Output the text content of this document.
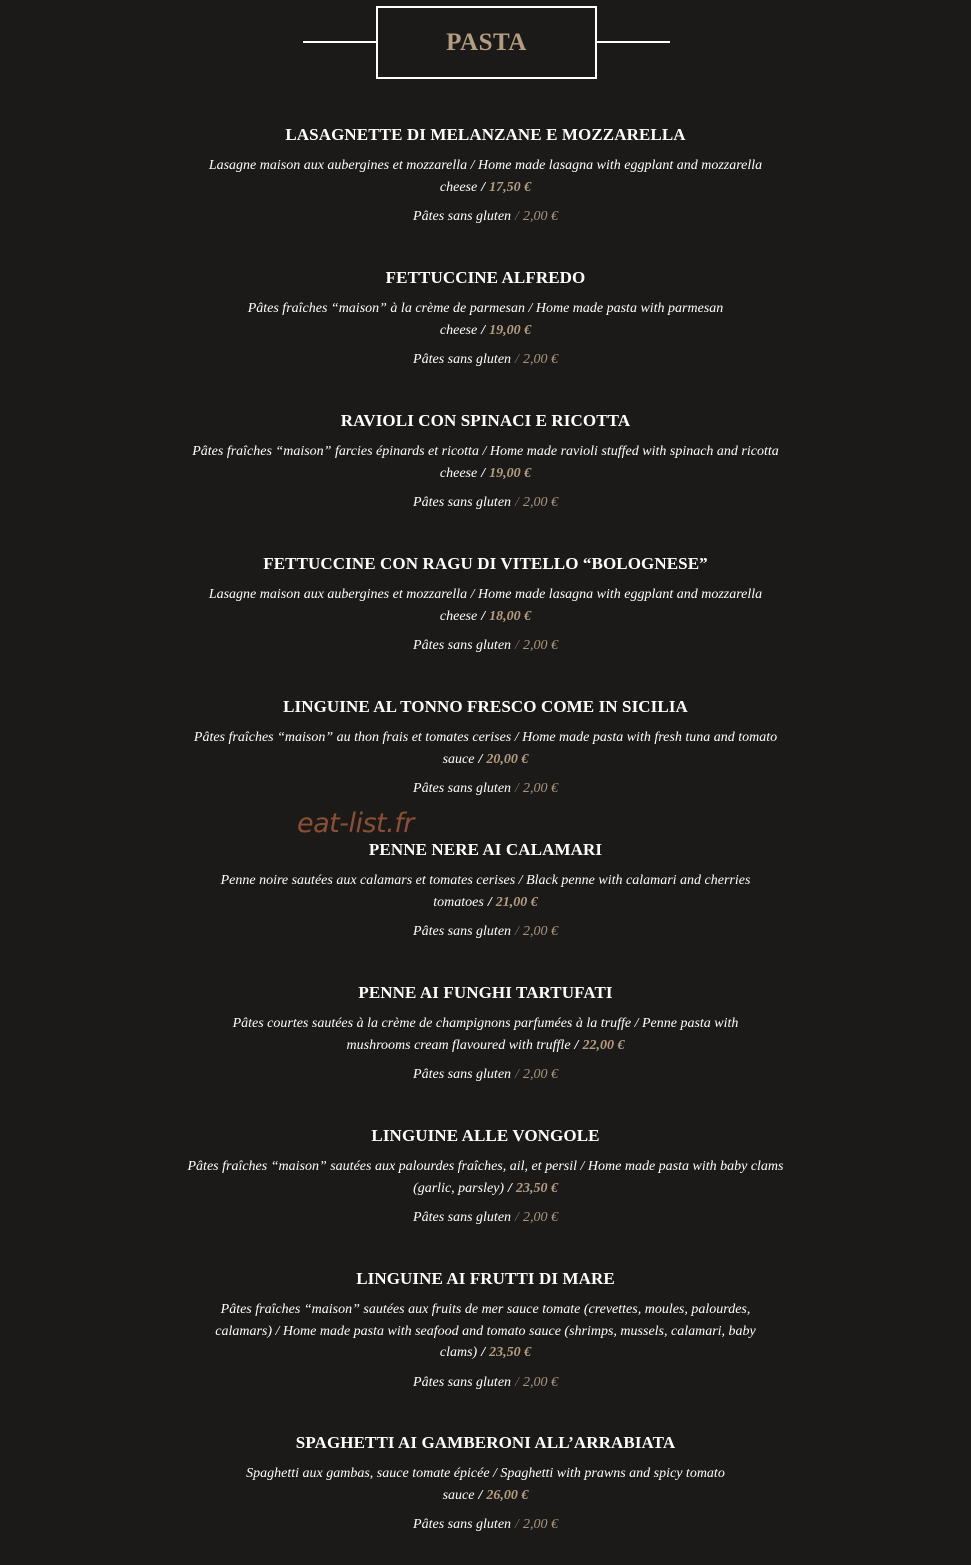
PASTA
LASAGNETTE DI MELANZANE E MOZZARELLA
Lasagne maison aux aubergines et mozzarella / Home made lasagna with eggplant and mozzarella cheese / 17,50 €
Pâtes sans gluten / 2,00 €
FETTUCCINE ALFREDO
Pâtes fraîches “maison” à la crème de parmesan / Home made pasta with parmesan cheese / 19,00 €
Pâtes sans gluten / 2,00 €
RAVIOLI CON SPINACI E RICOTTA
Pâtes fraîches “maison” farcies épinards et ricotta / Home made ravioli stuffed with spinach and ricotta cheese / 19,00 €
Pâtes sans gluten / 2,00 €
FETTUCCINE CON RAGU DI VITELLO “BOLOGNESE”
Lasagne maison aux aubergines et mozzarella / Home made lasagna with eggplant and mozzarella cheese / 18,00 €
Pâtes sans gluten / 2,00 €
LINGUINE AL TONNO FRESCO COME IN SICILIA
Pâtes fraîches “maison” au thon frais et tomates cerises / Home made pasta with fresh tuna and tomato sauce / 20,00 €
Pâtes sans gluten / 2,00 €
PENNE NERE AI CALAMARI
Penne noire sautées aux calamars et tomates cerises / Black penne with calamari and cherries tomatoes / 21,00 €
Pâtes sans gluten / 2,00 €
PENNE AI FUNGHI TARTUFATI
Pâtes courtes sautées à la crème de champignons parfumées à la truffe / Penne pasta with mushrooms cream flavoured with truffle / 22,00 €
Pâtes sans gluten / 2,00 €
LINGUINE ALLE VONGOLE
Pâtes fraîches “maison” sautées aux palourdes fraîches, ail, et persil / Home made pasta with baby clams (garlic, parsley) / 23,50 €
Pâtes sans gluten / 2,00 €
LINGUINE AI FRUTTI DI MARE
Pâtes fraîches “maison” sautées aux fruits de mer sauce tomate (crevettes, moules, palourdes, calamars) / Home made pasta with seafood and tomato sauce (shrimps, mussels, calamari, baby clams) / 23,50 €
Pâtes sans gluten / 2,00 €
SPAGHETTI AI GAMBERONI ALL’ARRABIATA
Spaghetti aux gambas, sauce tomate épicée / Spaghetti with prawns and spicy tomato sauce / 26,00 €
Pâtes sans gluten / 2,00 €
eat-list.fr
